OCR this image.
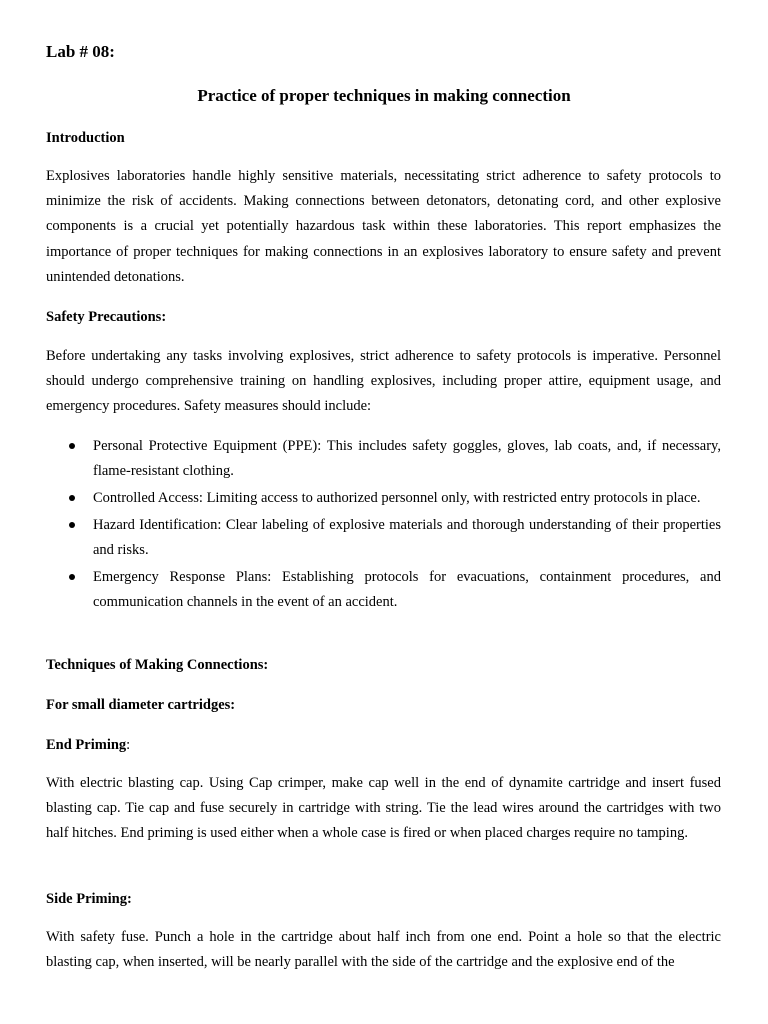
Lab # 08:
Practice of proper techniques in making connection
Introduction

Explosives laboratories handle highly sensitive materials, necessitating strict adherence to safety protocols to minimize the risk of accidents. Making connections between detonators, detonating cord, and other explosive components is a crucial yet potentially hazardous task within these laboratories. This report emphasizes the importance of proper techniques for making connections in an explosives laboratory to ensure safety and prevent unintended detonations.

Safety Precautions:

Before undertaking any tasks involving explosives, strict adherence to safety protocols is imperative. Personnel should undergo comprehensive training on handling explosives, including proper attire, equipment usage, and emergency procedures. Safety measures should include:

Personal Protective Equipment (PPE): This includes safety goggles, gloves, lab coats, and, if necessary, flame-resistant clothing.
Controlled Access: Limiting access to authorized personnel only, with restricted entry protocols in place.
Hazard Identification: Clear labeling of explosive materials and thorough understanding of their properties and risks.
Emergency Response Plans: Establishing protocols for evacuations, containment procedures, and communication channels in the event of an accident.
Techniques of Making Connections:
For small diameter cartridges:
End Priming:

With electric blasting cap. Using Cap crimper, make cap well in the end of dynamite cartridge and insert fused blasting cap. Tie cap and fuse securely in cartridge with string. Tie the lead wires around the cartridges with two half hitches. End priming is used either when a whole case is fired or when placed charges require no tamping.

Side Priming:

With safety fuse. Punch a hole in the cartridge about half inch from one end. Point a hole so that the electric blasting cap, when inserted, will be nearly parallel with the side of the cartridge and the explosive end of the
